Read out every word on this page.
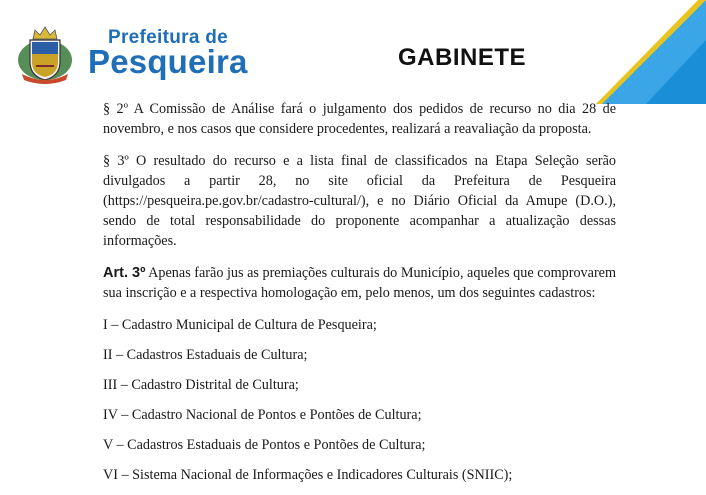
Prefeitura de
Pesqueira	GABINETE

§ 2º A Comissão de Análise fará o julgamento dos pedidos de recurso no dia 28 de novembro, e nos casos que considere procedentes, realizará a reavaliação da proposta.

§ 3º O resultado do recurso e a lista final de classificados na Etapa Seleção serão divulgados a partir 28, no site oficial da Prefeitura de Pesqueira (https://pesqueira.pe.gov.br/cadastro-cultural/), e no Diário Oficial da Amupe (D.O.), sendo de total responsabilidade do proponente acompanhar a atualização dessas informações.

Art. 3º Apenas farão jus as premiações culturais do Município, aqueles que comprovarem sua inscrição e a respectiva homologação em, pelo menos, um dos seguintes cadastros:

I – Cadastro Municipal de Cultura de Pesqueira;
II – Cadastros Estaduais de Cultura;
III – Cadastro Distrital de Cultura;
IV – Cadastro Nacional de Pontos e Pontões de Cultura;
V – Cadastros Estaduais de Pontos e Pontões de Cultura;
VI – Sistema Nacional de Informações e Indicadores Culturais (SNIIC);
